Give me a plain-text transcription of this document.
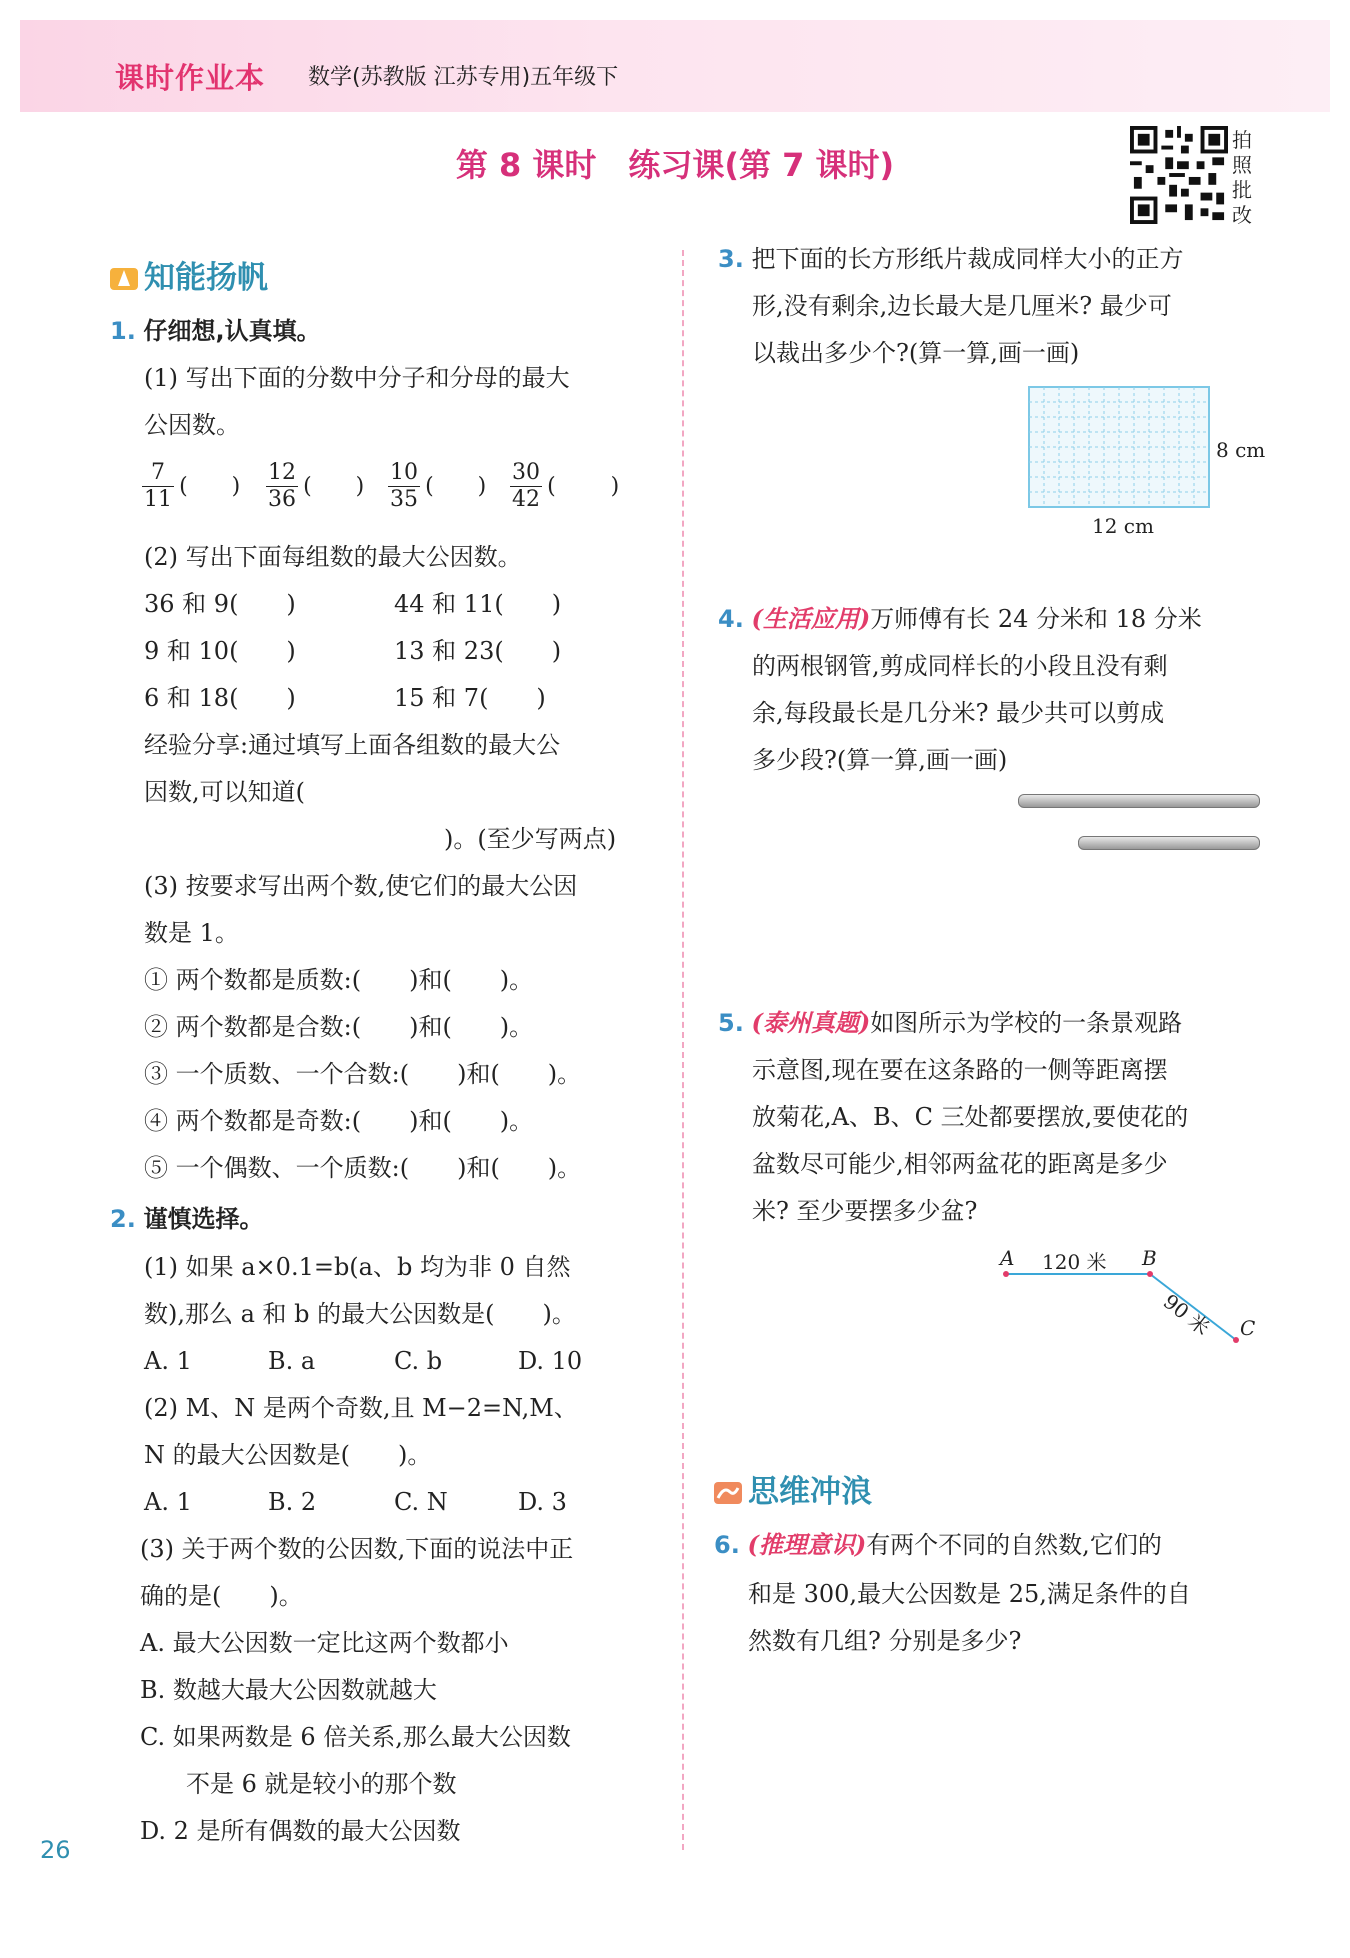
课时作业本 数学(苏教版 江苏专用)五年级下
第 8 课时　练习课(第 7 课时)
拍照批改
知能扬帆
1. 仔细想,认真填。
(1) 写出下面的分数中分子和分母的最大
公因数。
$\frac{7}{11}$ (  ) $\frac{12}{36}$ (  ) $\frac{10}{35}$ (  ) $\frac{30}{42}$ (   )
(2) 写出下面每组数的最大公因数。
36 和 9(　　)	44 和 11(　　)
9 和 10(　　)	13 和 23(　　)
6 和 18(　　)	15 和 7(　　)
经验分享:通过填写上面各组数的最大公
因数,可以知道(
)。(至少写两点)
(3) 按要求写出两个数,使它们的最大公因
数是 1。
① 两个数都是质数:(　　)和(　　)。
② 两个数都是合数:(　　)和(　　)。
③ 一个质数、一个合数:(　　)和(　　)。
④ 两个数都是奇数:(　　)和(　　)。
⑤ 一个偶数、一个质数:(　　)和(　　)。
2. 谨慎选择。
(1) 如果 a×0.1=b(a、b 均为非 0 自然
数),那么 a 和 b 的最大公因数是(　　)。
A. 1	B. a	C. b	D. 10
(2) M、N 是两个奇数,且 M−2=N,M、
N 的最大公因数是(　　)。
A. 1	B. 2	C. N	D. 3
(3) 关于两个数的公因数,下面的说法中正
确的是(　　)。
A. 最大公因数一定比这两个数都小
B. 数越大最大公因数就越大
C. 如果两数是 6 倍关系,那么最大公因数
不是 6 就是较小的那个数
D. 2 是所有偶数的最大公因数
26
3. 把下面的长方形纸片裁成同样大小的正方
形,没有剩余,边长最大是几厘米? 最少可
以裁出多少个?(算一算,画一画)
8 cm
12 cm
4. (生活应用)万师傅有长 24 分米和 18 分米
的两根钢管,剪成同样长的小段且没有剩
余,每段最长是几分米? 最少共可以剪成
多少段?(算一算,画一画)
5. (泰州真题)如图所示为学校的一条景观路
示意图,现在要在这条路的一侧等距离摆
放菊花,A、B、C 三处都要摆放,要使花的
盆数尽可能少,相邻两盆花的距离是多少
米? 至少要摆多少盆?
A 120 米 B
90 米 C
思维冲浪
6. (推理意识)有两个不同的自然数,它们的
和是 300,最大公因数是 25,满足条件的自
然数有几组? 分别是多少?
